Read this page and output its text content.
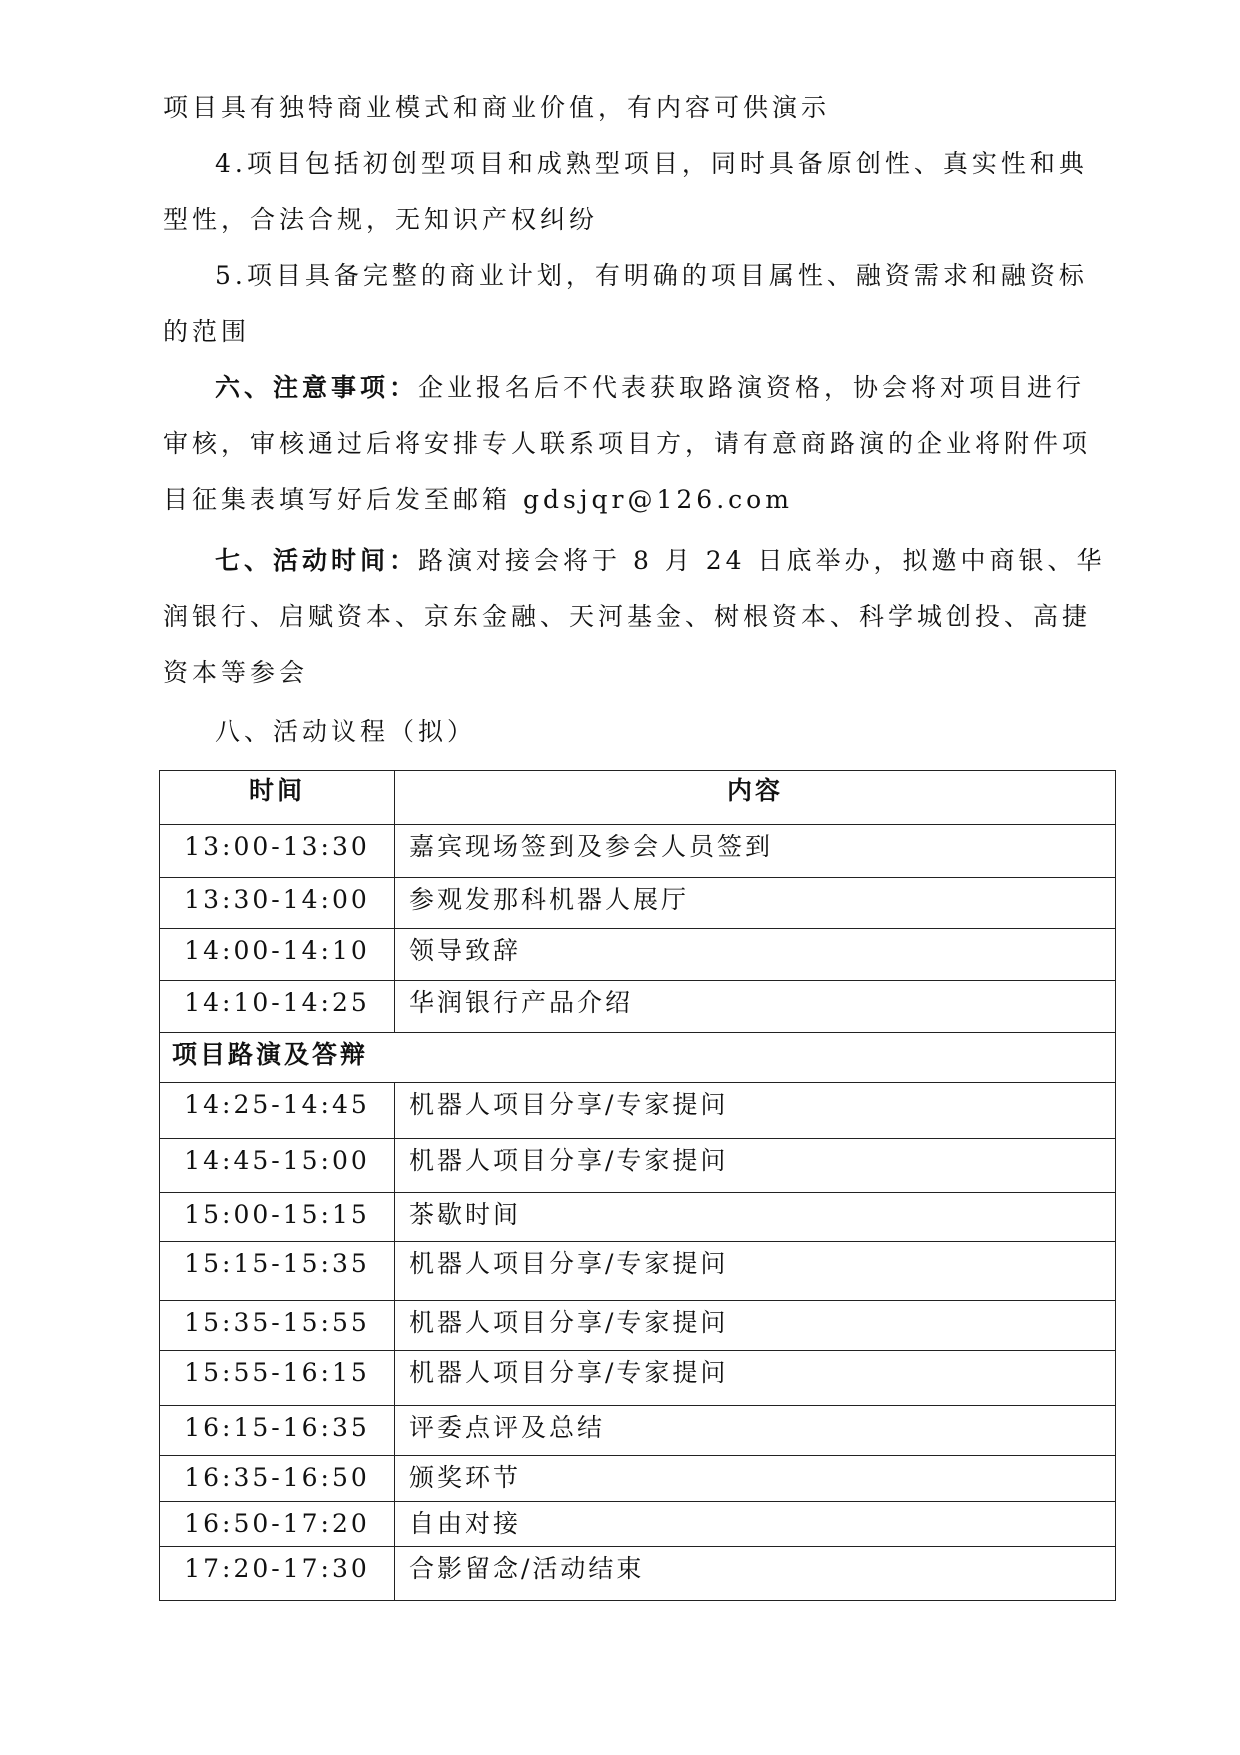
项目具有独特商业模式和商业价值，有内容可供演示
4.项目包括初创型项目和成熟型项目，同时具备原创性、真实性和典
型性，合法合规，无知识产权纠纷
5.项目具备完整的商业计划，有明确的项目属性、融资需求和融资标
的范围
六、注意事项：企业报名后不代表获取路演资格，协会将对项目进行
审核，审核通过后将安排专人联系项目方，请有意商路演的企业将附件项
目征集表填写好后发至邮箱 gdsjqr@126.com
七、活动时间：路演对接会将于 8 月 24 日底举办，拟邀中商银、华
润银行、启赋资本、京东金融、天河基金、树根资本、科学城创投、高捷
资本等参会
八、活动议程（拟）
时间	内容
13:00-13:30	嘉宾现场签到及参会人员签到
13:30-14:00	参观发那科机器人展厅
14:00-14:10	领导致辞
14:10-14:25	华润银行产品介绍
项目路演及答辩	
14:25-14:45	机器人项目分享/专家提问
14:45-15:00	机器人项目分享/专家提问
15:00-15:15	茶歇时间
15:15-15:35	机器人项目分享/专家提问
15:35-15:55	机器人项目分享/专家提问
15:55-16:15	机器人项目分享/专家提问
16:15-16:35	评委点评及总结
16:35-16:50	颁奖环节
16:50-17:20	自由对接
17:20-17:30	合影留念/活动结束
